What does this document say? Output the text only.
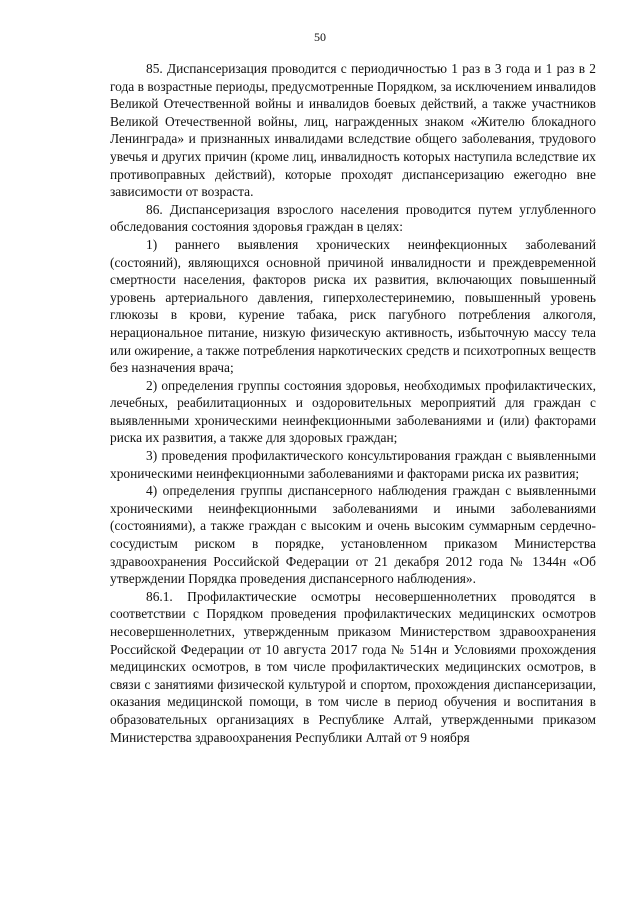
50

85. Диспансеризация проводится с периодичностью 1 раз в 3 года и 1 раз в 2 года в возрастные периоды, предусмотренные Порядком, за исключением инвалидов Великой Отечественной войны и инвалидов боевых действий, а также участников Великой Отечественной войны, лиц, награжденных знаком «Жителю блокадного Ленинграда» и признанных инвалидами вследствие общего заболевания, трудового увечья и других причин (кроме лиц, инвалидность которых наступила вследствие их противоправных действий), которые проходят диспансеризацию ежегодно вне зависимости от возраста.

86. Диспансеризация взрослого населения проводится путем углубленного обследования состояния здоровья граждан в целях:

1) раннего выявления хронических неинфекционных заболеваний (состояний), являющихся основной причиной инвалидности и преждевременной смертности населения, факторов риска их развития, включающих повышенный уровень артериального давления, гиперхолестеринемию, повышенный уровень глюкозы в крови, курение табака, риск пагубного потребления алкоголя, нерациональное питание, низкую физическую активность, избыточную массу тела или ожирение, а также потребления наркотических средств и психотропных веществ без назначения врача;

2) определения группы состояния здоровья, необходимых профилактических, лечебных, реабилитационных и оздоровительных мероприятий для граждан с выявленными хроническими неинфекционными заболеваниями и (или) факторами риска их развития, а также для здоровых граждан;

3) проведения профилактического консультирования граждан с выявленными хроническими неинфекционными заболеваниями и факторами риска их развития;

4) определения группы диспансерного наблюдения граждан с выявленными хроническими неинфекционными заболеваниями и иными заболеваниями (состояниями), а также граждан с высоким и очень высоким суммарным сердечно-сосудистым риском в порядке, установленном приказом Министерства здравоохранения Российской Федерации от 21 декабря 2012 года № 1344н «Об утверждении Порядка проведения диспансерного наблюдения».

86.1. Профилактические осмотры несовершеннолетних проводятся в соответствии с Порядком проведения профилактических медицинских осмотров несовершеннолетних, утвержденным приказом Министерством здравоохранения Российской Федерации от 10 августа 2017 года № 514н и Условиями прохождения медицинских осмотров, в том числе профилактических медицинских осмотров, в связи с занятиями физической культурой и спортом, прохождения диспансеризации, оказания медицинской помощи, в том числе в период обучения и воспитания в образовательных организациях в Республике Алтай, утвержденными приказом Министерства здравоохранения Республики Алтай от 9 ноября
